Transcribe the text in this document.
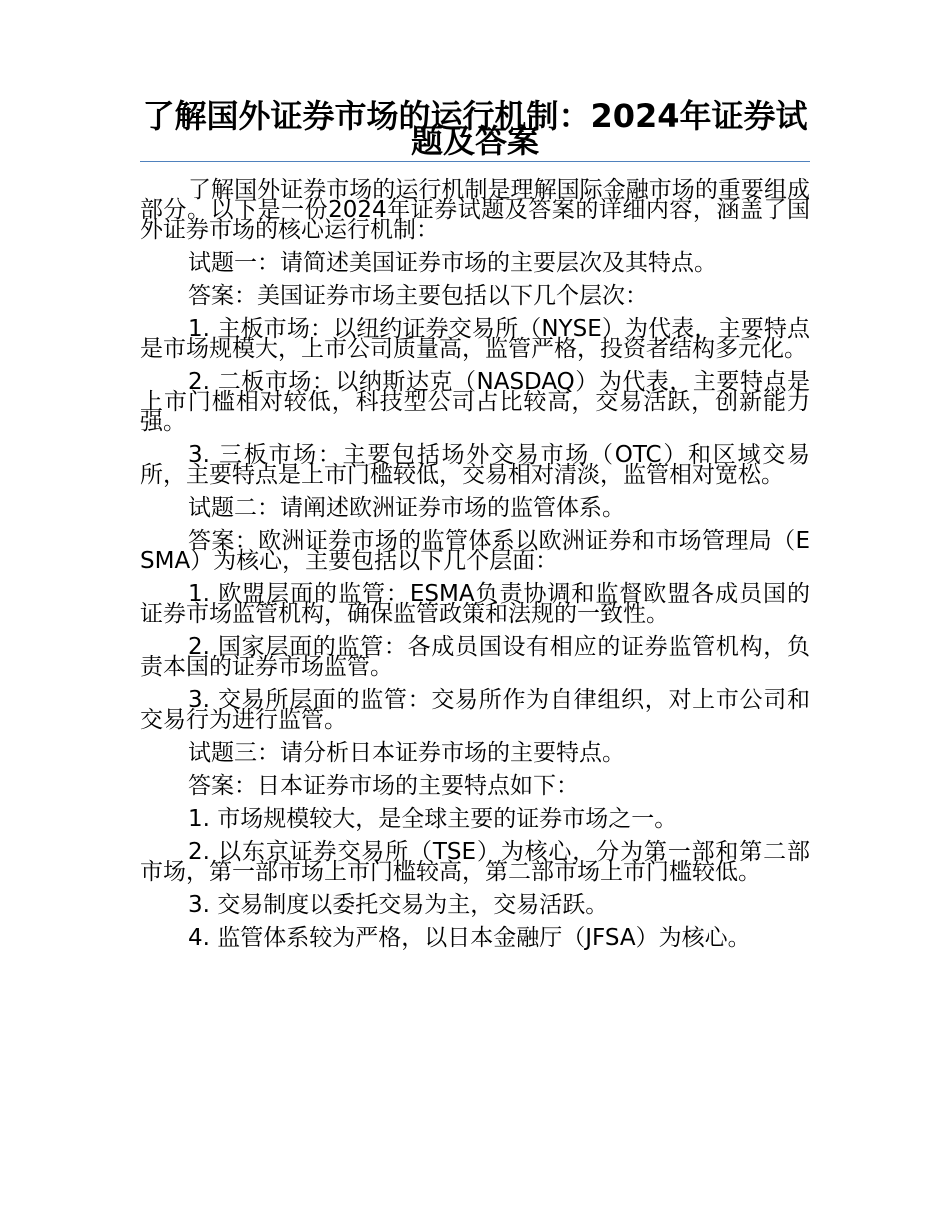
了解国外证券市场的运行机制：2024年证券试题及答案

了解国外证券市场的运行机制是理解国际金融市场的重要组成部分。以下是一份2024年证券试题及答案的详细内容，涵盖了国外证券市场的核心运行机制：

试题一：请简述美国证券市场的主要层次及其特点。

答案：美国证券市场主要包括以下几个层次：

1. 主板市场：以纽约证券交易所（NYSE）为代表，主要特点是市场规模大，上市公司质量高，监管严格，投资者结构多元化。

2. 二板市场：以纳斯达克（NASDAQ）为代表，主要特点是上市门槛相对较低，科技型公司占比较高，交易活跃，创新能力强。

3. 三板市场：主要包括场外交易市场（OTC）和区域交易所，主要特点是上市门槛较低，交易相对清淡，监管相对宽松。

试题二：请阐述欧洲证券市场的监管体系。

答案：欧洲证券市场的监管体系以欧洲证券和市场管理局（ESMA）为核心，主要包括以下几个层面：

1. 欧盟层面的监管：ESMA负责协调和监督欧盟各成员国的证券市场监管机构，确保监管政策和法规的一致性。

2. 国家层面的监管：各成员国设有相应的证券监管机构，负责本国的证券市场监管。

3. 交易所层面的监管：交易所作为自律组织，对上市公司和交易行为进行监管。

试题三：请分析日本证券市场的主要特点。

答案：日本证券市场的主要特点如下：

1. 市场规模较大，是全球主要的证券市场之一。

2. 以东京证券交易所（TSE）为核心，分为第一部和第二部市场，第一部市场上市门槛较高，第二部市场上市门槛较低。

3. 交易制度以委托交易为主，交易活跃。

4. 监管体系较为严格，以日本金融厅（JFSA）为核心。
